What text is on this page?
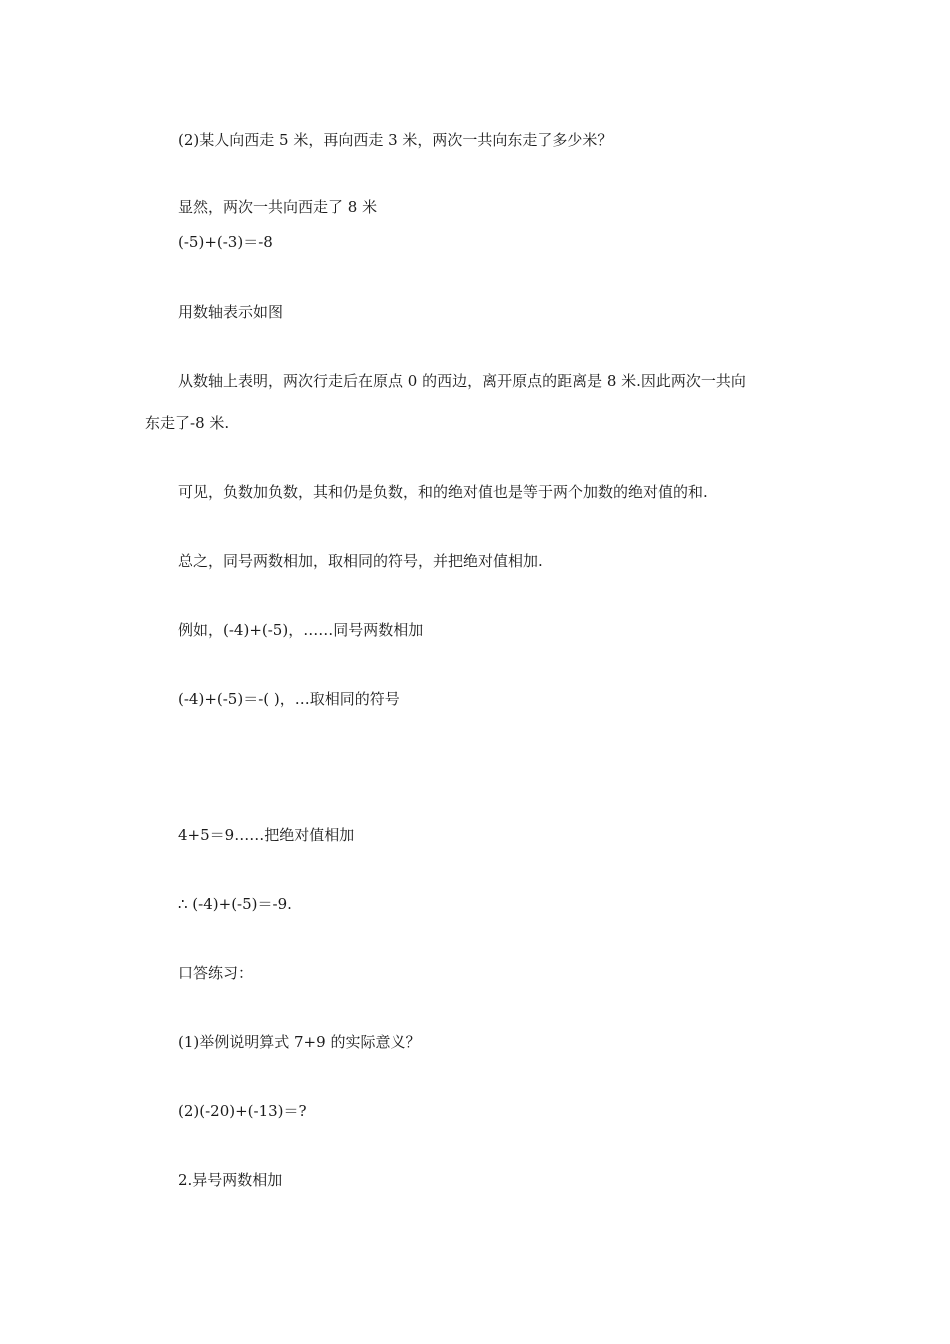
(2)某人向西走 5 米，再向西走 3 米，两次一共向东走了多少米？
显然，两次一共向西走了 8 米
(-5)+(-3)＝-8
用数轴表示如图
从数轴上表明，两次行走后在原点 0 的西边，离开原点的距离是 8 米.因此两次一共向
东走了-8 米.
可见，负数加负数，其和仍是负数，和的绝对值也是等于两个加数的绝对值的和.
总之，同号两数相加，取相同的符号，并把绝对值相加.
例如，(-4)+(-5)，……同号两数相加
(-4)+(-5)＝-( )，…取相同的符号
4+5＝9……把绝对值相加
∴ (-4)+(-5)＝-9.
口答练习：
(1)举例说明算式 7+9 的实际意义？
(2)(-20)+(-13)＝?
2.异号两数相加
